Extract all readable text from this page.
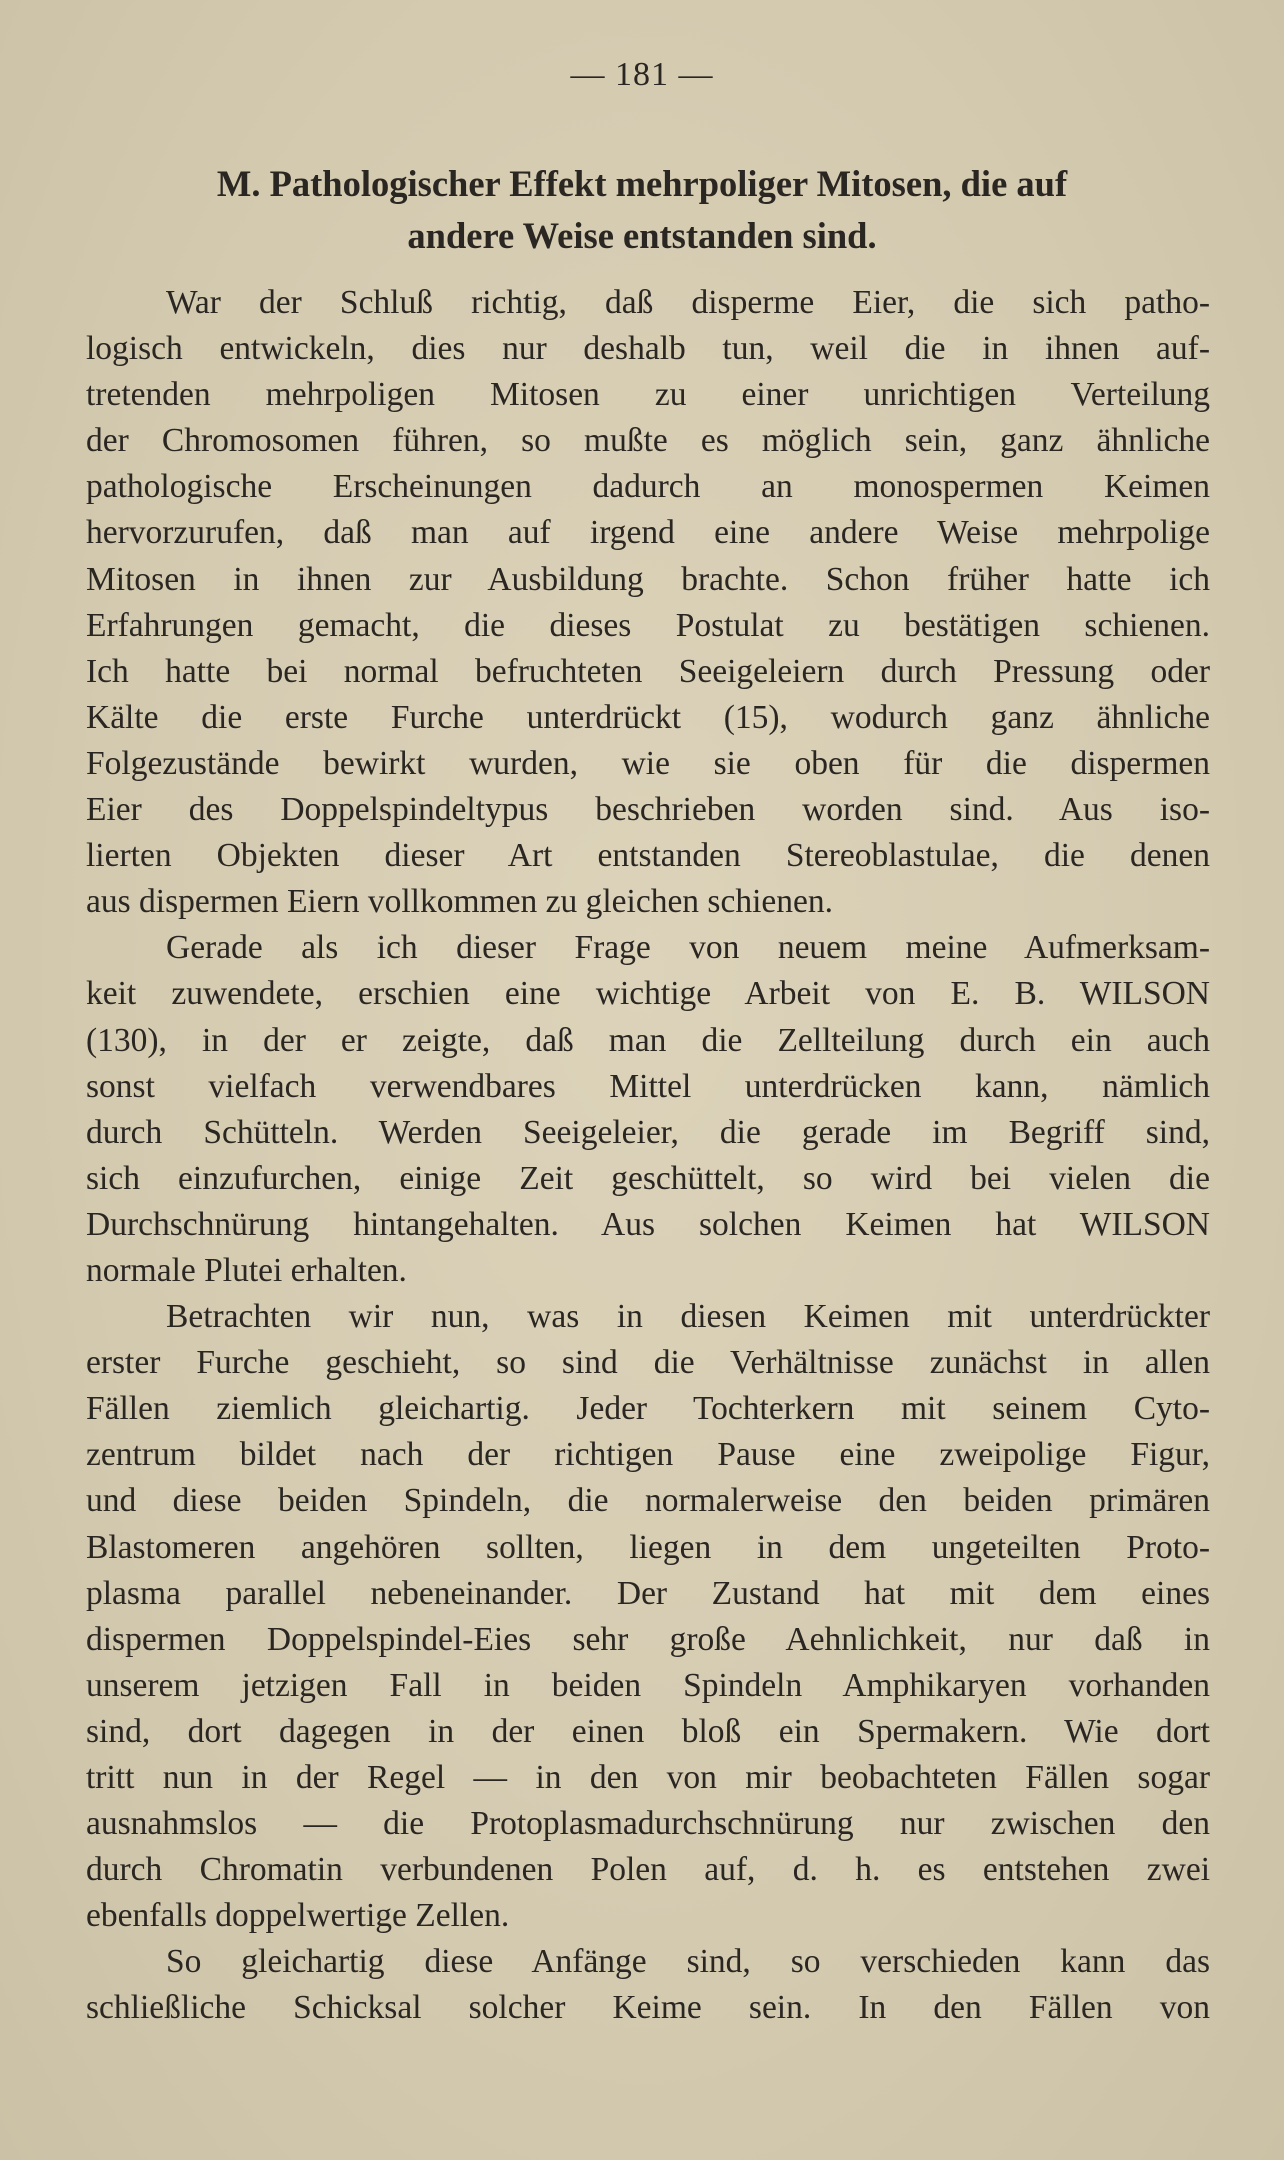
— 181 —
M. Pathologischer Effekt mehrpoliger Mitosen, die auf
andere Weise entstanden sind.
War der Schluß richtig, daß disperme Eier, die sich patho-
logisch entwickeln, dies nur deshalb tun, weil die in ihnen auf-
tretenden mehrpoligen Mitosen zu einer unrichtigen Verteilung
der Chromosomen führen, so mußte es möglich sein, ganz ähnliche
pathologische Erscheinungen dadurch an monospermen Keimen
hervorzurufen, daß man auf irgend eine andere Weise mehrpolige
Mitosen in ihnen zur Ausbildung brachte. Schon früher hatte ich
Erfahrungen gemacht, die dieses Postulat zu bestätigen schienen.
Ich hatte bei normal befruchteten Seeigeleiern durch Pressung oder
Kälte die erste Furche unterdrückt (15), wodurch ganz ähnliche
Folgezustände bewirkt wurden, wie sie oben für die dispermen
Eier des Doppelspindeltypus beschrieben worden sind. Aus iso-
lierten Objekten dieser Art entstanden Stereoblastulae, die denen
aus dispermen Eiern vollkommen zu gleichen schienen.
Gerade als ich dieser Frage von neuem meine Aufmerksam-
keit zuwendete, erschien eine wichtige Arbeit von E. B. WILSON
(130), in der er zeigte, daß man die Zellteilung durch ein auch
sonst vielfach verwendbares Mittel unterdrücken kann, nämlich
durch Schütteln. Werden Seeigeleier, die gerade im Begriff sind,
sich einzufurchen, einige Zeit geschüttelt, so wird bei vielen die
Durchschnürung hintangehalten. Aus solchen Keimen hat WILSON
normale Plutei erhalten.
Betrachten wir nun, was in diesen Keimen mit unterdrückter
erster Furche geschieht, so sind die Verhältnisse zunächst in allen
Fällen ziemlich gleichartig. Jeder Tochterkern mit seinem Cyto-
zentrum bildet nach der richtigen Pause eine zweipolige Figur,
und diese beiden Spindeln, die normalerweise den beiden primären
Blastomeren angehören sollten, liegen in dem ungeteilten Proto-
plasma parallel nebeneinander. Der Zustand hat mit dem eines
dispermen Doppelspindel-Eies sehr große Aehnlichkeit, nur daß in
unserem jetzigen Fall in beiden Spindeln Amphikaryen vorhanden
sind, dort dagegen in der einen bloß ein Spermakern. Wie dort
tritt nun in der Regel — in den von mir beobachteten Fällen sogar
ausnahmslos — die Protoplasmadurchschnürung nur zwischen den
durch Chromatin verbundenen Polen auf, d. h. es entstehen zwei
ebenfalls doppelwertige Zellen.
So gleichartig diese Anfänge sind, so verschieden kann das
schließliche Schicksal solcher Keime sein. In den Fällen von
